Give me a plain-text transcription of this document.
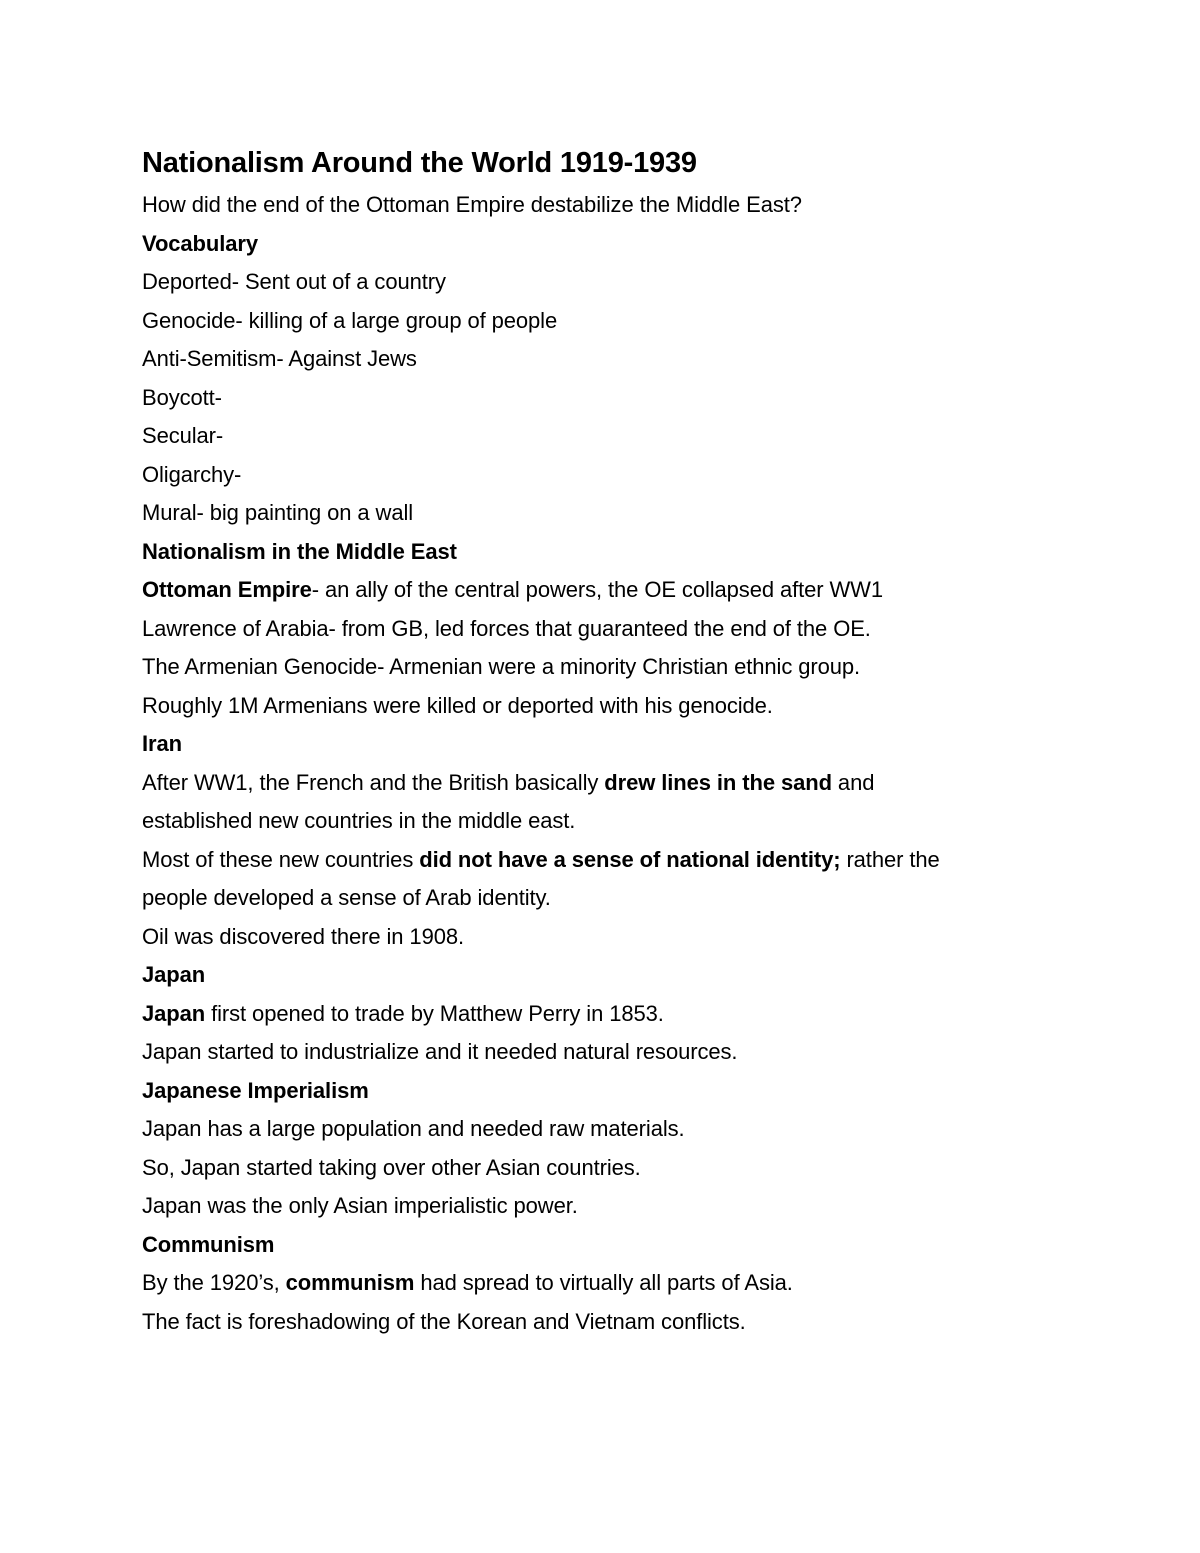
Nationalism Around the World 1919-1939

How did the end of the Ottoman Empire destabilize the Middle East?

Vocabulary

Deported- Sent out of a country

Genocide- killing of a large group of people

Anti-Semitism- Against Jews

Boycott-

Secular-

Oligarchy-

Mural- big painting on a wall

Nationalism in the Middle East

Ottoman Empire- an ally of the central powers, the OE collapsed after WW1

Lawrence of Arabia- from GB, led forces that guaranteed the end of the OE.

The Armenian Genocide- Armenian were a minority Christian ethnic group.

Roughly 1M Armenians were killed or deported with his genocide.

Iran

After WW1, the French and the British basically drew lines in the sand and

established new countries in the middle east.

Most of these new countries did not have a sense of national identity; rather the

people developed a sense of Arab identity.

Oil was discovered there in 1908.

Japan

Japan first opened to trade by Matthew Perry in 1853.

Japan started to industrialize and it needed natural resources.

Japanese Imperialism

Japan has a large population and needed raw materials.

So, Japan started taking over other Asian countries.

Japan was the only Asian imperialistic power.

Communism

By the 1920’s, communism had spread to virtually all parts of Asia.

The fact is foreshadowing of the Korean and Vietnam conflicts.
